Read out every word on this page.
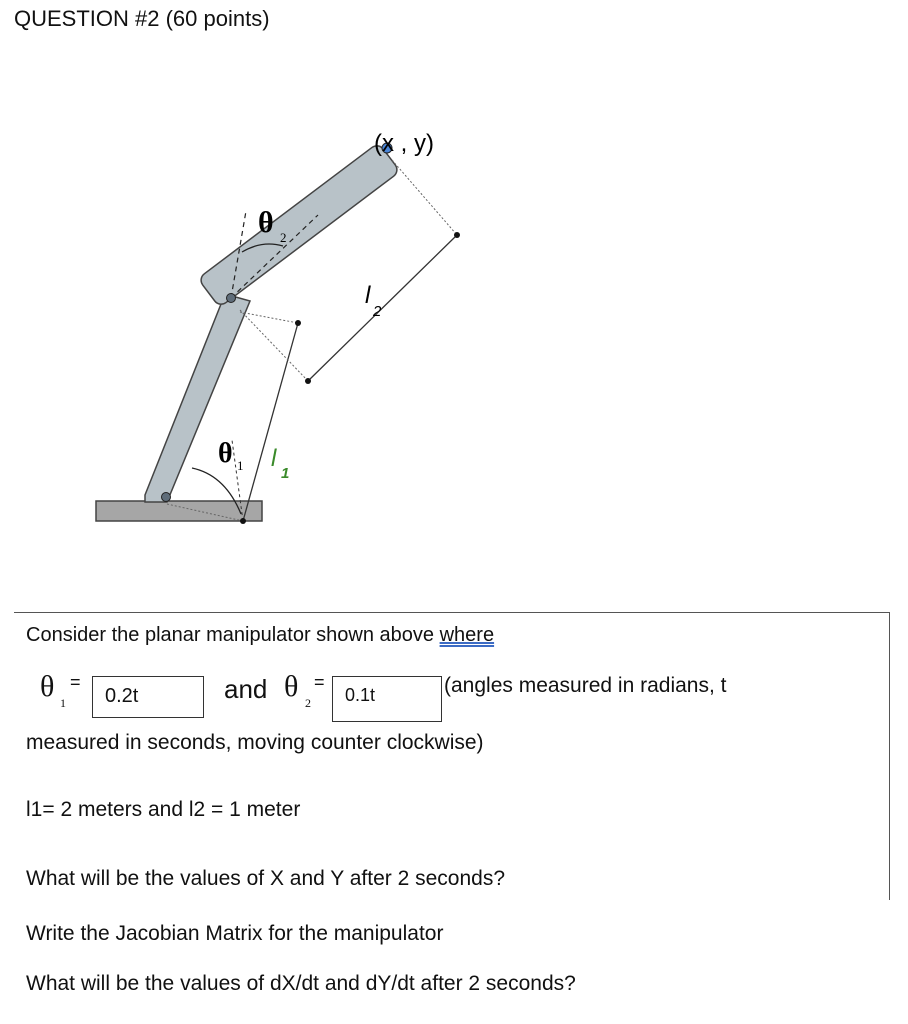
QUESTION #2 (60 points)
(x , y)
θ 2
θ 1 l
1
l
2
Consider the planar manipulator shown above where
θ 1
=
0.2t	and θ 2
=
0.1t	(angles measured in radians, t
measured in seconds, moving counter clockwise)
l1= 2 meters and l2 = 1 meter
What will be the values of X and Y after 2 seconds?
Write the Jacobian Matrix for the manipulator
What will be the values of dX/dt and dY/dt after 2 seconds?
